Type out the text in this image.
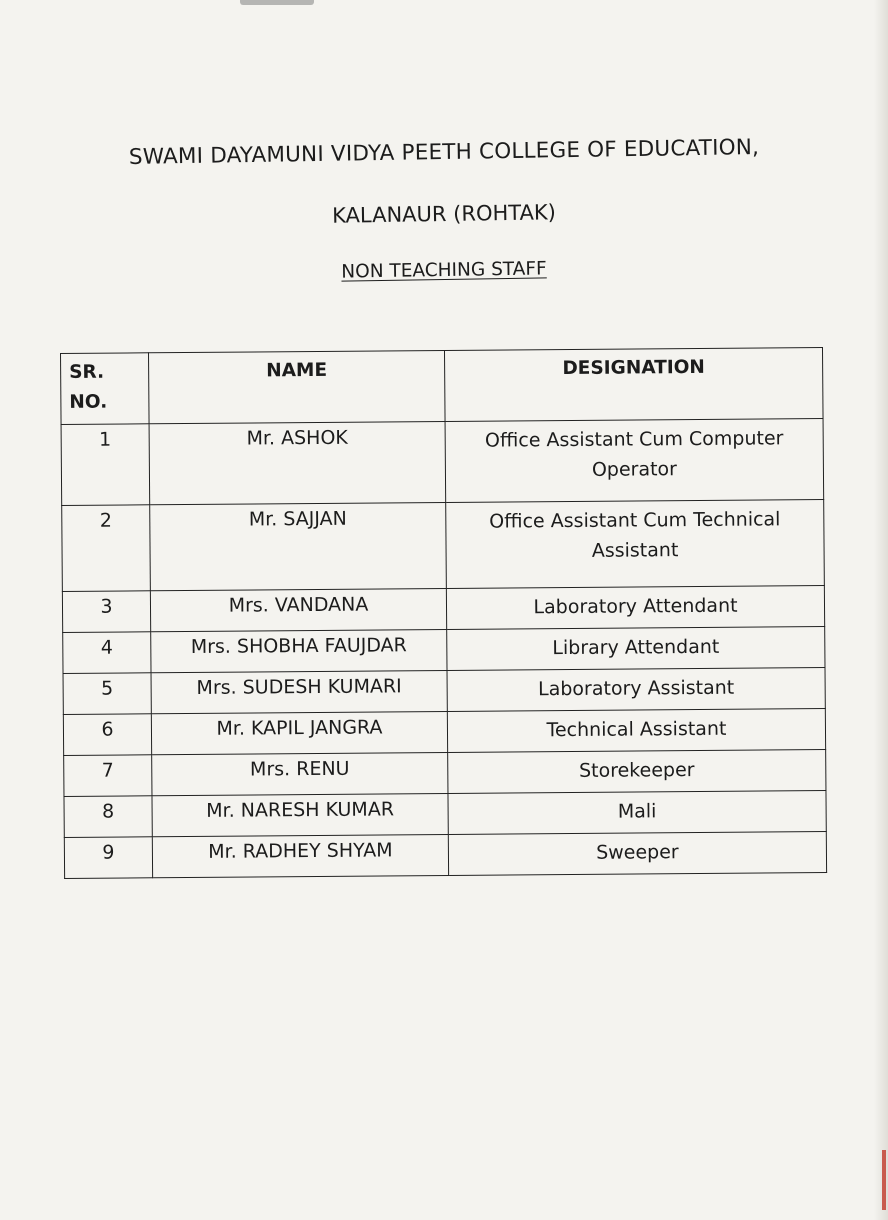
SWAMI DAYAMUNI VIDYA PEETH COLLEGE OF EDUCATION,
KALANAUR (ROHTAK)
NON TEACHING STAFF
SR.
NO.	NAME	DESIGNATION
1	Mr. ASHOK	Office Assistant Cum Computer Operator
2	Mr. SAJJAN	Office Assistant Cum Technical Assistant
3	Mrs. VANDANA	Laboratory Attendant
4	Mrs. SHOBHA FAUJDAR	Library Attendant
5	Mrs. SUDESH KUMARI	Laboratory Assistant
6	Mr. KAPIL JANGRA	Technical Assistant
7	Mrs. RENU	Storekeeper
8	Mr. NARESH KUMAR	Mali
9	Mr. RADHEY SHYAM	Sweeper
